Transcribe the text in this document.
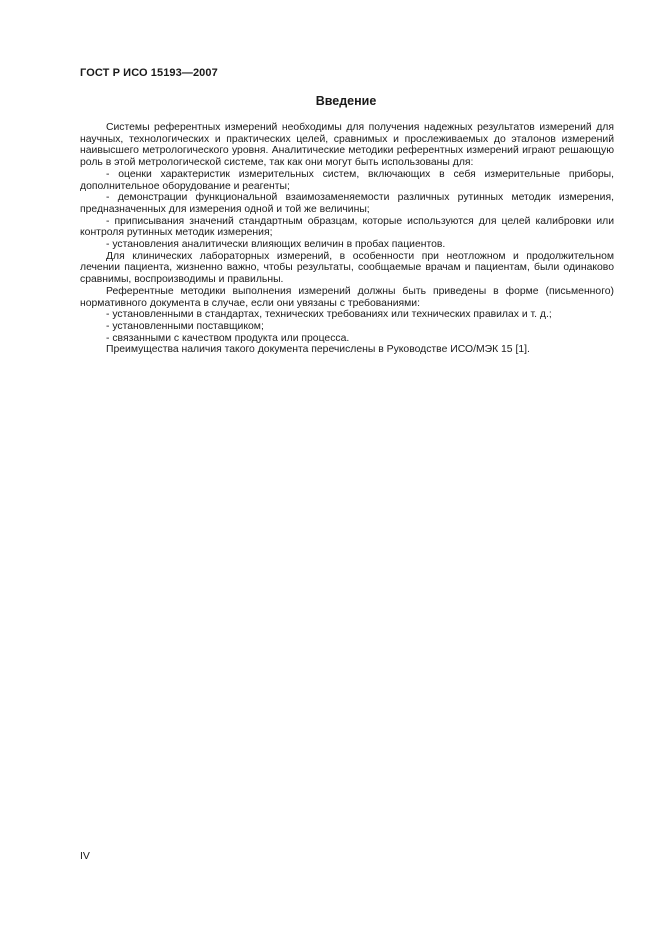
ГОСТ Р ИСО 15193—2007
Введение

Системы референтных измерений необходимы для получения надежных результатов измерений для научных, технологических и практических целей, сравнимых и прослеживаемых до эталонов измерений наивысшего метрологического уровня. Аналитические методики референтных измерений играют решающую роль в этой метрологической системе, так как они могут быть использованы для:

- оценки характеристик измерительных систем, включающих в себя измерительные приборы, дополнительное оборудование и реагенты;

- демонстрации функциональной взаимозаменяемости различных рутинных методик измерения, предназначенных для измерения одной и той же величины;

- приписывания значений стандартным образцам, которые используются для целей калибровки или контроля рутинных методик измерения;

- установления аналитически влияющих величин в пробах пациентов.

Для клинических лабораторных измерений, в особенности при неотложном и продолжительном лечении пациента, жизненно важно, чтобы результаты, сообщаемые врачам и пациентам, были одинаково сравнимы, воспроизводимы и правильны.

Референтные методики выполнения измерений должны быть приведены в форме (письменного) нормативного документа в случае, если они увязаны с требованиями:

- установленными в стандартах, технических требованиях или технических правилах и т. д.;

- установленными поставщиком;

- связанными с качеством продукта или процесса.

Преимущества наличия такого документа перечислены в Руководстве ИСО/МЭК 15 [1].

IV
